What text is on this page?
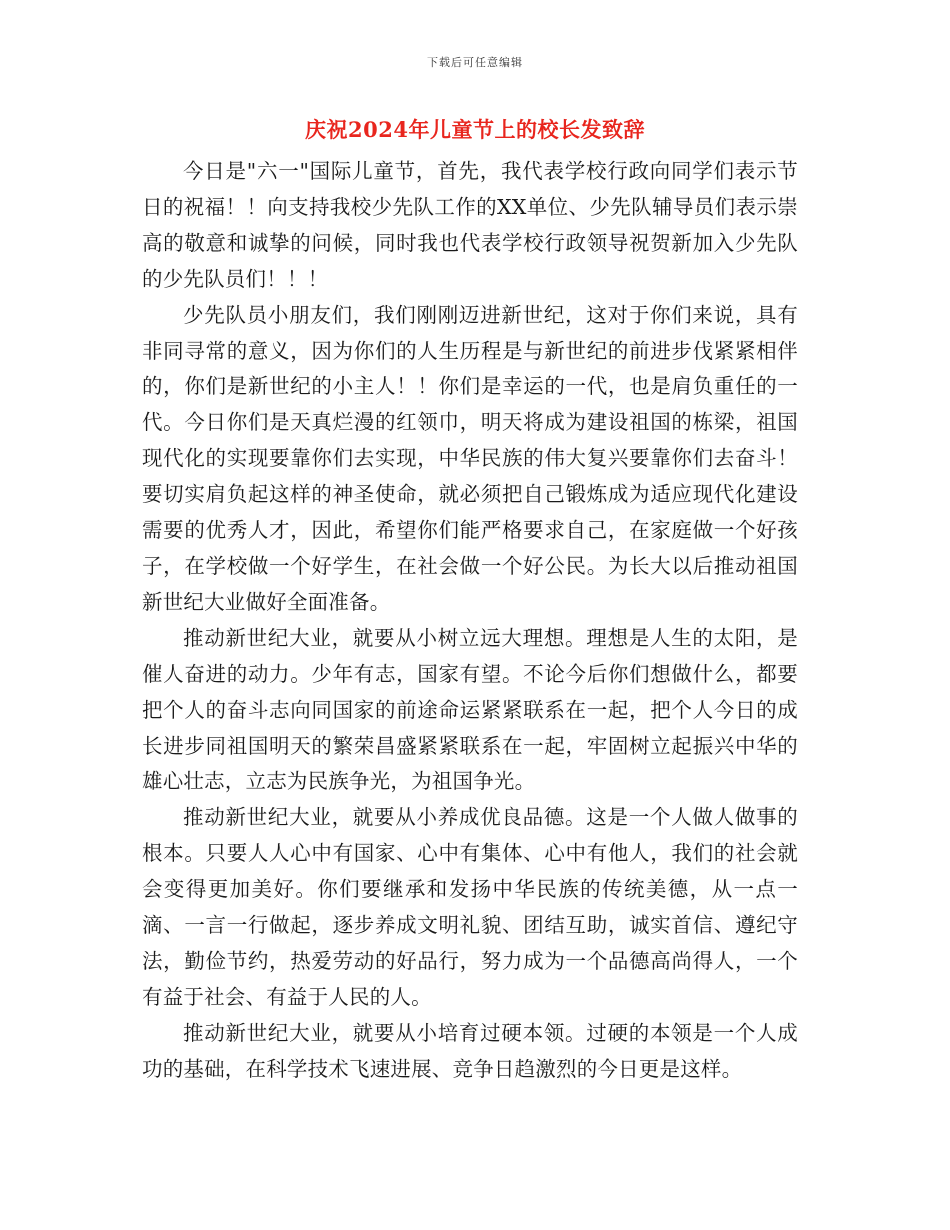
下载后可任意编辑
庆祝2024年儿童节上的校长发致辞

今日是"六一"国际儿童节，首先，我代表学校行政向同学们表示节日的祝福！！向支持我校少先队工作的XX单位、少先队辅导员们表示崇高的敬意和诚挚的问候，同时我也代表学校行政领导祝贺新加入少先队的少先队员们！！！

少先队员小朋友们，我们刚刚迈进新世纪，这对于你们来说，具有非同寻常的意义，因为你们的人生历程是与新世纪的前进步伐紧紧相伴的，你们是新世纪的小主人！！你们是幸运的一代，也是肩负重任的一代。今日你们是天真烂漫的红领巾，明天将成为建设祖国的栋梁，祖国现代化的实现要靠你们去实现，中华民族的伟大复兴要靠你们去奋斗！要切实肩负起这样的神圣使命，就必须把自己锻炼成为适应现代化建设需要的优秀人才，因此，希望你们能严格要求自己，在家庭做一个好孩子，在学校做一个好学生，在社会做一个好公民。为长大以后推动祖国新世纪大业做好全面准备。

推动新世纪大业，就要从小树立远大理想。理想是人生的太阳，是催人奋进的动力。少年有志，国家有望。不论今后你们想做什么，都要把个人的奋斗志向同国家的前途命运紧紧联系在一起，把个人今日的成长进步同祖国明天的繁荣昌盛紧紧联系在一起，牢固树立起振兴中华的雄心壮志，立志为民族争光，为祖国争光。

推动新世纪大业，就要从小养成优良品德。这是一个人做人做事的根本。只要人人心中有国家、心中有集体、心中有他人，我们的社会就会变得更加美好。你们要继承和发扬中华民族的传统美德，从一点一滴、一言一行做起，逐步养成文明礼貌、团结互助，诚实首信、遵纪守法，勤俭节约，热爱劳动的好品行，努力成为一个品德高尚得人，一个有益于社会、有益于人民的人。

推动新世纪大业，就要从小培育过硬本领。过硬的本领是一个人成功的基础，在科学技术飞速进展、竞争日趋激烈的今日更是这样。
